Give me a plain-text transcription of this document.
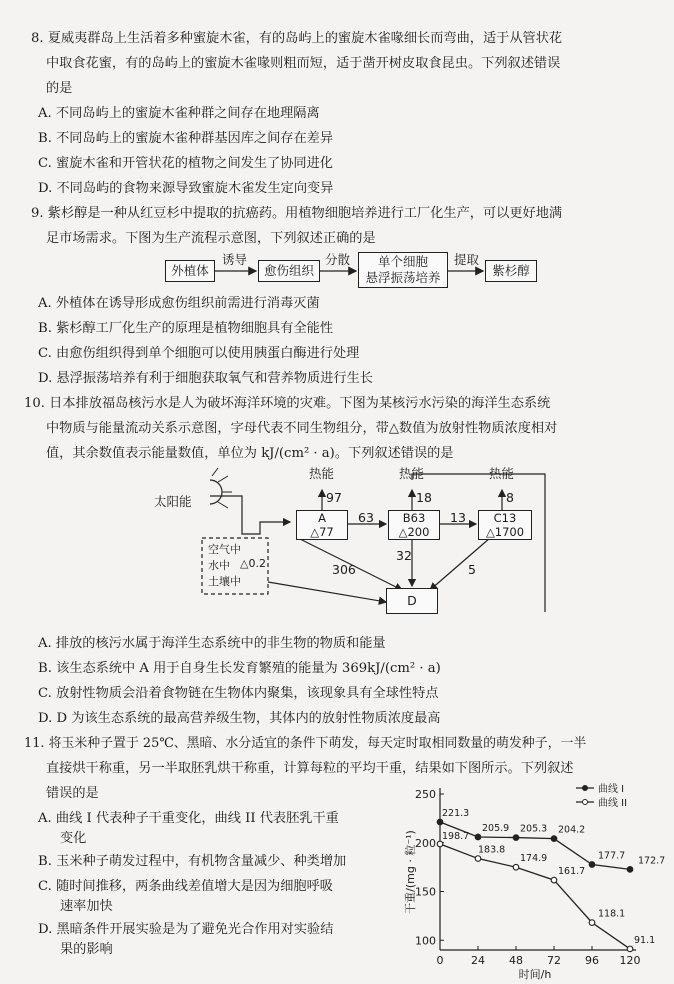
8. 夏威夷群岛上生活着多种蜜旋木雀，有的岛屿上的蜜旋木雀喙细长而弯曲，适于从管状花
中取食花蜜，有的岛屿上的蜜旋木雀喙则粗而短，适于凿开树皮取食昆虫。下列叙述错误
的是
A. 不同岛屿上的蜜旋木雀种群之间存在地理隔离
B. 不同岛屿上的蜜旋木雀种群基因库之间存在差异
C. 蜜旋木雀和开管状花的植物之间发生了协同进化
D. 不同岛屿的食物来源导致蜜旋木雀发生定向变异
9. 紫杉醇是一种从红豆杉中提取的抗癌药。用植物细胞培养进行工厂化生产，可以更好地满
足市场需求。下图为生产流程示意图，下列叙述正确的是
外植体
诱导
愈伤组织
分散	单个细胞
悬浮振荡培养
提取
紫杉醇
A. 外植体在诱导形成愈伤组织前需进行消毒灭菌
B. 紫杉醇工厂化生产的原理是植物细胞具有全能性
C. 由愈伤组织得到单个细胞可以使用胰蛋白酶进行处理
D. 悬浮振荡培养有利于细胞获取氧气和营养物质进行生长
10. 日本排放福岛核污水是人为破坏海洋环境的灾难。下图为某核污水污染的海洋生态系统
中物质与能量流动关系示意图，字母代表不同生物组分，带△数值为放射性物质浓度相对
值，其余数值表示能量数值，单位为 kJ/(cm² · a)。下列叙述错误的是
太阳能
热能	热能	热能
97	18	8
A
△77
B63
△200
C13
△1700
63	13
306
32
5
空气中
水中
土壤中
△0.2
D
A. 排放的核污水属于海洋生态系统中的非生物的物质和能量
B. 该生态系统中 A 用于自身生长发育繁殖的能量为 369kJ/(cm² · a)
C. 放射性物质会沿着食物链在生物体内聚集，该现象具有全球性特点
D. D 为该生态系统的最高营养级生物，其体内的放射性物质浓度最高
11. 将玉米种子置于 25℃、黑暗、水分适宜的条件下萌发，每天定时取相同数量的萌发种子，一半
直接烘干称重，另一半取胚乳烘干称重，计算每粒的平均干重，结果如下图所示。下列叙述
错误的是
A. 曲线 I 代表种子干重变化，曲线 II 代表胚乳干重
变化
B. 玉米种子萌发过程中，有机物含量减少、种类增加
C. 随时间推移，两条曲线差值增大是因为细胞呼吸
速率加快
D. 黑暗条件开展实验是为了避免光合作用对实验结
果的影响
100
150
200
250
0	24 48 72 96 120
时间/h
干重/(mg · 粒⁻¹)
221.3
205.9 205.3 204.2
177.7 172.7
198.7
183.8
174.9
161.7
118.1
91.1
曲线 I
曲线 II
